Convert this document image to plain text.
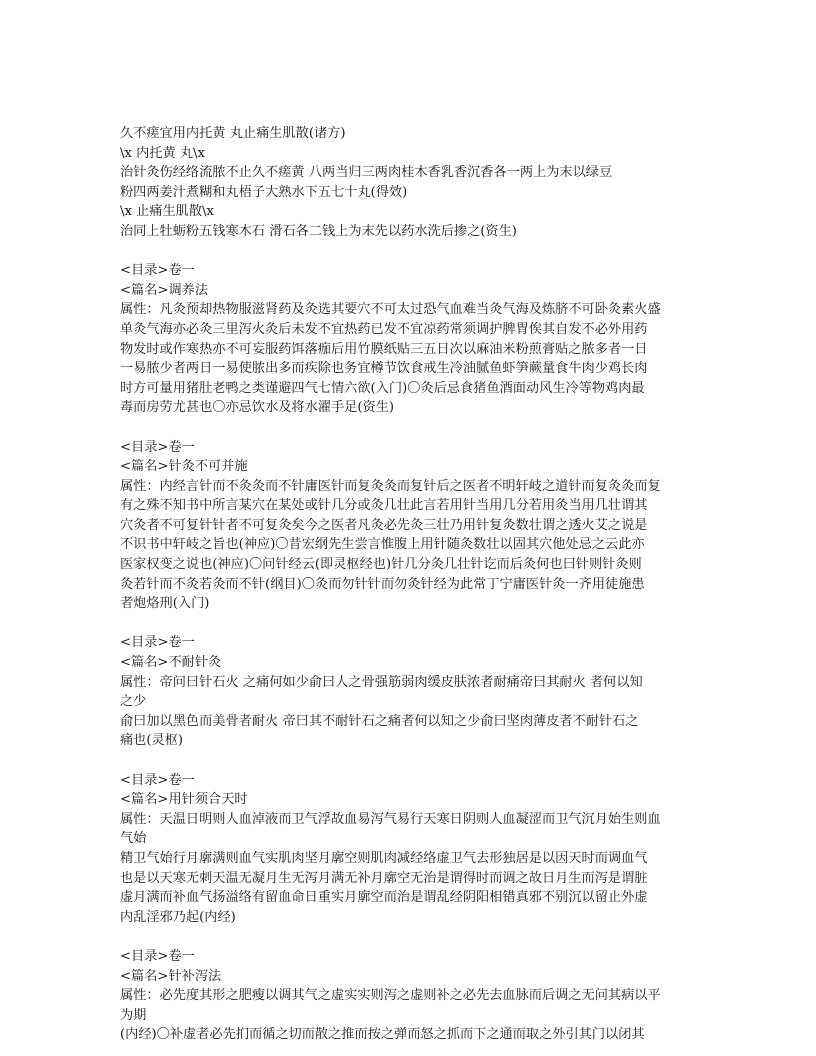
久不瘥宜用内托黄 丸止痛生肌散(诸方)
\x 内托黄 丸\x
治针灸伤经络流脓不止久不瘥黄 八两当归三两肉桂木香乳香沉香各一两上为末以绿豆
粉四两姜汁煮糊和丸梧子大熟水下五七十丸(得效)
\x 止痛生肌散\x
治同上牡蛎粉五钱寒木石 滑石各二钱上为末先以药水洗后掺之(资生)
<目录>卷一
<篇名>调养法
属性：凡灸预却热物服滋肾药及灸选其要穴不可太过恐气血难当灸气海及炼脐不可卧灸素火盛
单灸气海亦必灸三里泻火灸后未发不宜热药已发不宜凉药常须调护脾胃俟其自发不必外用药
物发时或作寒热亦不可妄服药饵落痂后用竹膜纸贴三五日次以麻油米粉煎膏贴之脓多者一日
一易脓少者两日一易使脓出多而疾除也务宜樽节饮食戒生冷油腻鱼虾笋蕨量食牛肉少鸡长肉
时方可量用猪肚老鸭之类谨避四气七情六欲(入门)〇灸后忌食猪鱼酒面动风生冷等物鸡肉最
毒而房劳尤甚也〇亦忌饮水及将水濯手足(资生)
<目录>卷一
<篇名>针灸不可并施
属性：内经言针而不灸灸而不针庸医针而复灸灸而复针后之医者不明轩岐之道针而复灸灸而复
有之殊不知书中所言某穴在某处或针几分或灸几壮此言若用针当用几分若用灸当用几壮谓其
穴灸者不可复针针者不可复灸矣今之医者凡灸必先灸三壮乃用针复灸数壮谓之透火艾之说是
不识书中轩岐之旨也(神应)〇昔宏纲先生尝言惟腹上用针随灸数壮以固其穴他处忌之云此亦
医家权变之说也(神应)〇问针经云(即灵枢经也)针几分灸几壮针讫而后灸何也曰针则针灸则
灸若针而不灸若灸而不针(纲目)〇灸而勿针针而勿灸针经为此常丁宁庸医针灸一齐用徒施患
者炮烙刑(入门)
<目录>卷一
<篇名>不耐针灸
属性：帝问曰针石火 之痛何如少俞曰人之骨强筋弱肉缓皮肤浓者耐痛帝曰其耐火 者何以知
之少
俞曰加以黑色而美骨者耐火 帝曰其不耐针石之痛者何以知之少俞曰坚肉薄皮者不耐针石之
痛也(灵枢)
<目录>卷一
<篇名>用针须合天时
属性：天温日明则人血淖液而卫气浮故血易泻气易行天寒日阴则人血凝涩而卫气沉月始生则血
气始
精卫气始行月廓满则血气实肌肉坚月廓空则肌肉减经络虚卫气去形独居是以因天时而调血气
也是以天寒无刺天温无凝月生无泻月满无补月廓空无治是谓得时而调之故日月生而泻是谓脏
虚月满而补血气扬溢络有留血命日重实月廓空而治是谓乱经阴阳相错真邪不别沉以留止外虚
内乱淫邪乃起(内经)
<目录>卷一
<篇名>针补泻法
属性：必先度其形之肥瘦以调其气之虚实实则泻之虚则补之必先去血脉而后调之无问其病以平
为期
(内经)〇补虚者必先扪而循之切而散之推而按之弹而怒之抓而下之通而取之外引其门以闭其
